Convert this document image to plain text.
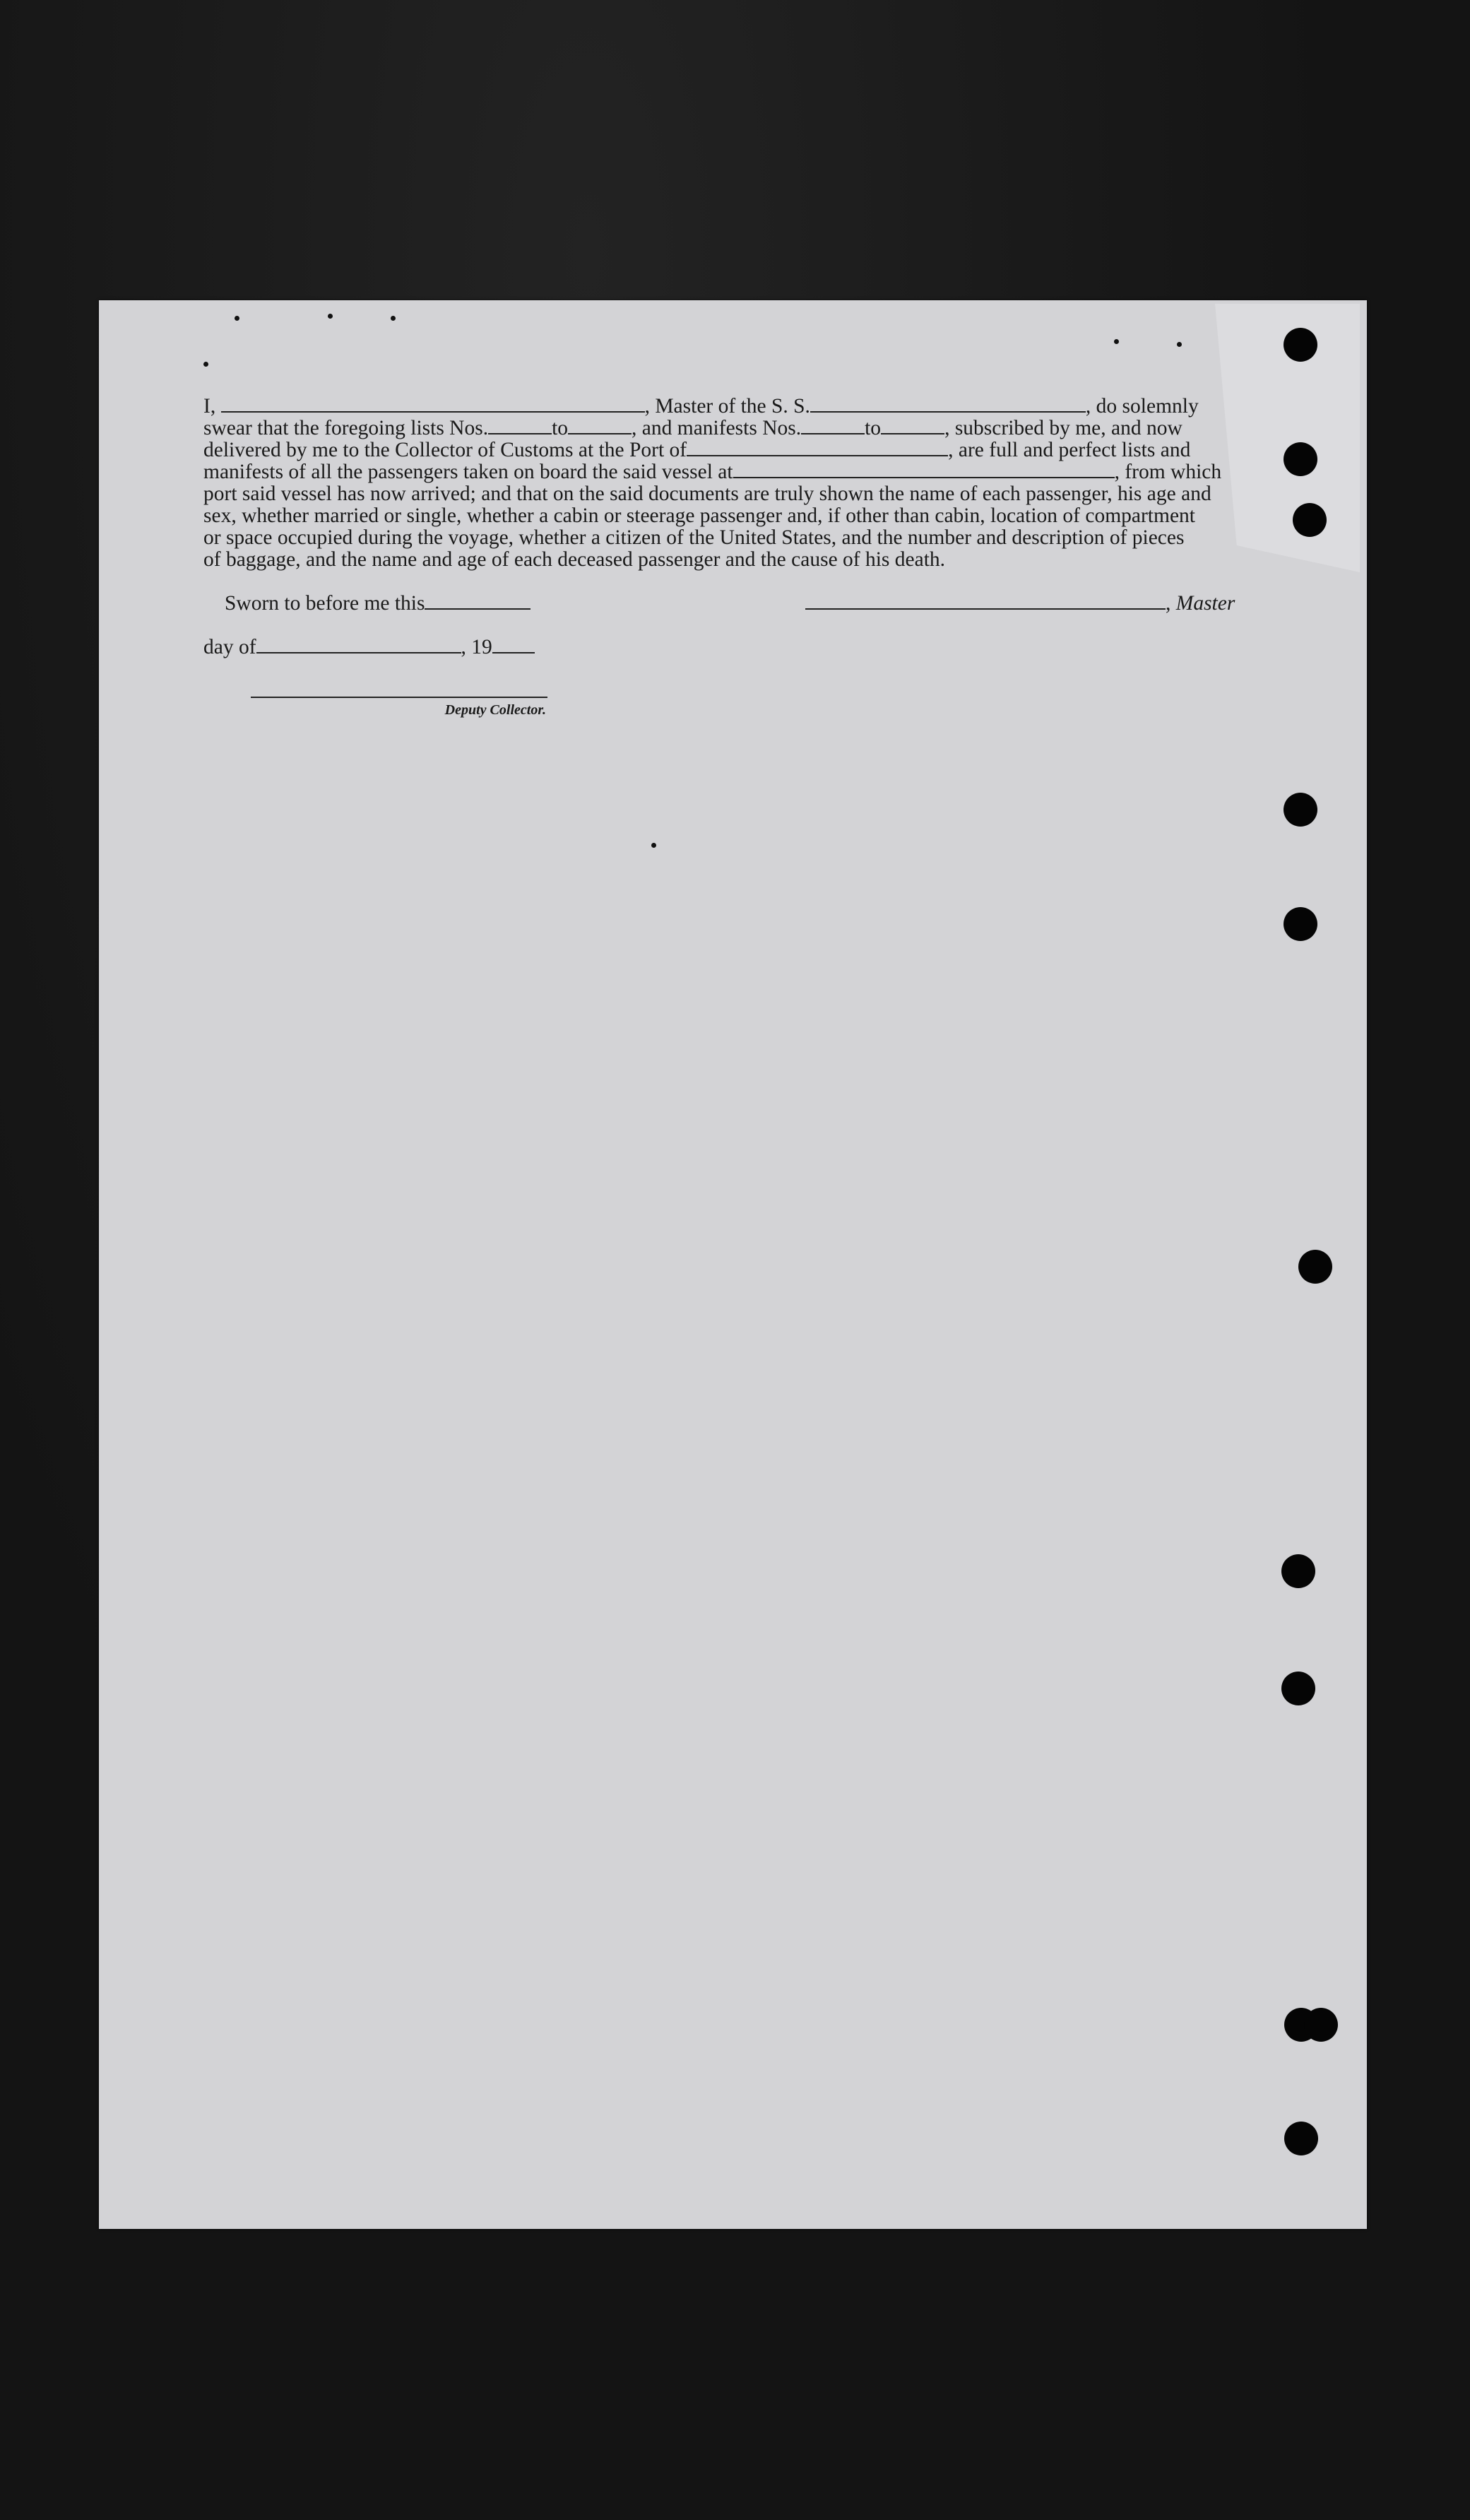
I,	, Master of the S. S.	, do solemnly

swear that the foregoing lists Nos.	to	, and manifests Nos.	to	, subscribed by me, and now

delivered by me to the Collector of Customs at the Port of	, are full and perfect lists and

manifests of all the passengers taken on board the said vessel at	, from which

port said vessel has now arrived; and that on the said documents are truly shown the name of each passenger, his age and

sex, whether married or single, whether a cabin or steerage passenger and, if other than cabin, location of compartment

or space occupied during the voyage, whether a citizen of the United States, and the number and description of pieces

of baggage, and the name and age of each deceased passenger and the cause of his death.

Sworn to before me this	, Master
day of	, 19
Deputy Collector.
